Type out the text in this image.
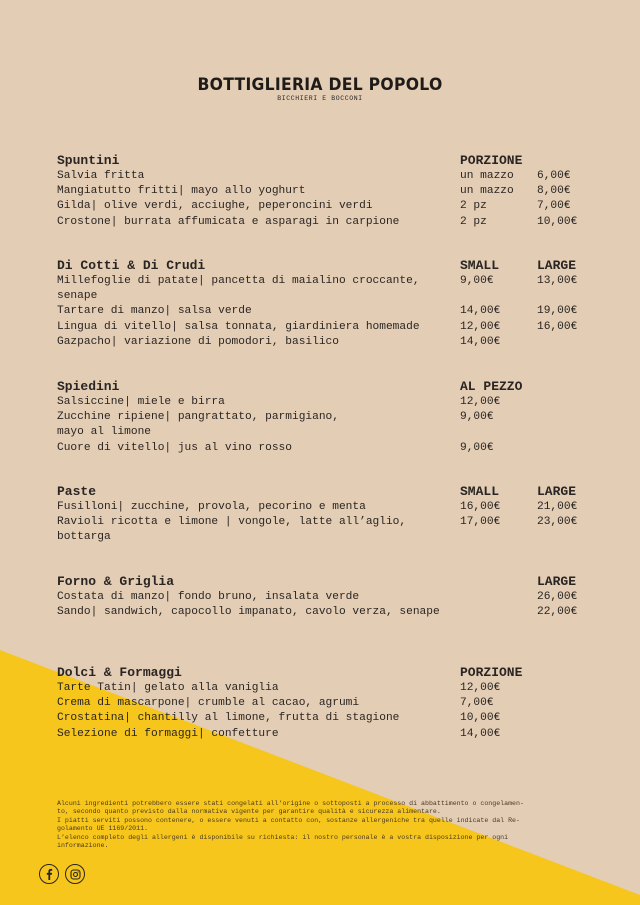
BOTTIGLIERIA DEL POPOLO
BICCHIERI E BOCCONI
Spuntini	PORZIONE
Salvia fritta	un mazzo 6,00€
Mangiatutto fritti| mayo allo yoghurt	un mazzo 8,00€
Gilda| olive verdi, acciughe, peperoncini verdi	2 pz	7,00€
Crostone| burrata affumicata e asparagi in carpione	2 pz	10,00€
Di Cotti & Di Crudi	SMALL	LARGE
Millefoglie di patate| pancetta di maialino croccante,	9,00€	13,00€
senape
Tartare di manzo| salsa verde	14,00€	19,00€
Lingua di vitello| salsa tonnata, giardiniera homemade	12,00€	16,00€
Gazpacho| variazione di pomodori, basilico	14,00€
Spiedini	AL PEZZO
Salsiccine| miele e birra	12,00€
Zucchine ripiene| pangrattato, parmigiano,	9,00€
mayo al limone
Cuore di vitello| jus al vino rosso	9,00€
Paste	SMALL	LARGE
Fusilloni| zucchine, provola, pecorino e menta	16,00€	21,00€
Ravioli ricotta e limone | vongole, latte all’aglio,	17,00€	23,00€
bottarga
Forno & Griglia	LARGE
Costata di manzo| fondo bruno, insalata verde	26,00€
Sando| sandwich, capocollo impanato, cavolo verza, senape	22,00€
Dolci & Formaggi	PORZIONE
Tarte Tatin| gelato alla vaniglia	12,00€
Crema di mascarpone| crumble al cacao, agrumi	7,00€
Crostatina| chantilly al limone, frutta di stagione	10,00€
Selezione di formaggi| confetture	14,00€
Alcuni ingredienti potrebbero essere stati congelati all’origine o sottoposti a processo di abbattimento o congelamen-
to, secondo quanto previsto dalla normativa vigente per garantire qualità e sicurezza alimentare.
I piatti serviti possono contenere, o essere venuti a contatto con, sostanze allergeniche tra quelle indicate dal Re-
golamento UE 1169/2011.
L’elenco completo degli allergeni è disponibile su richiesta: il nostro personale è a vostra disposizione per ogni
informazione.
